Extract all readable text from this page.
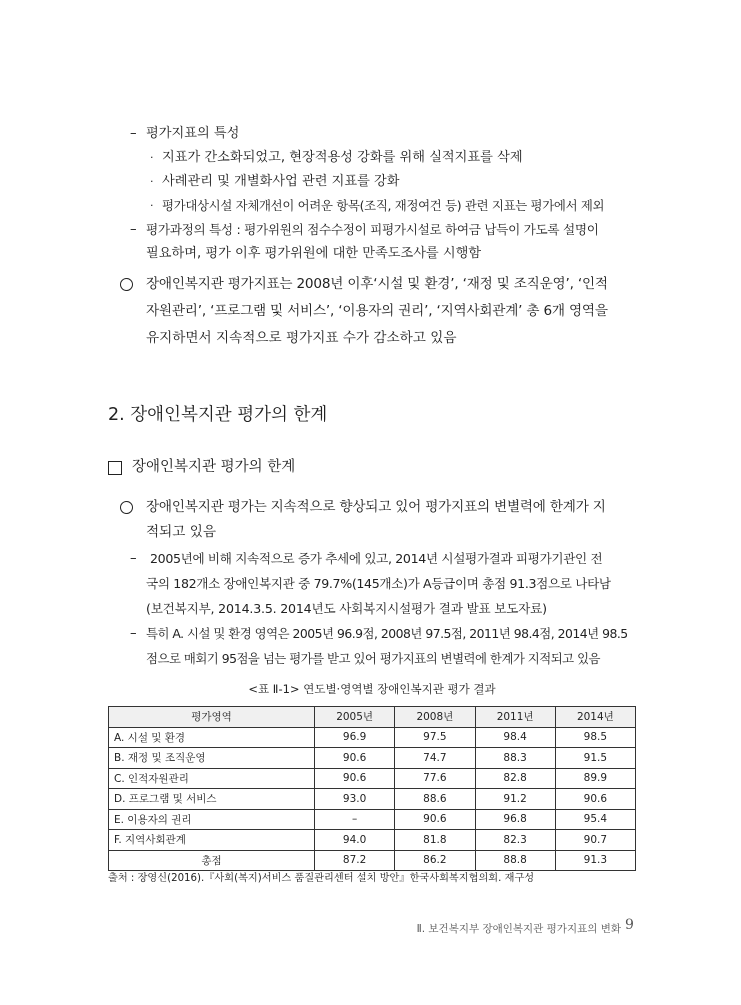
– 평가지표의 특성
· 지표가 간소화되었고, 현장적용성 강화를 위해 실적지표를 삭제
· 사례관리 및 개별화사업 관련 지표를 강화
· 평가대상시설 자체개선이 어려운 항목(조직, 재정여건 등) 관련 지표는 평가에서 제외
– 평가과정의 특성 : 평가위원의 점수수정이 피평가시설로 하여금 납득이 가도록 설명이
필요하며, 평가 이후 평가위원에 대한 만족도조사를 시행함
장애인복지관 평가지표는 2008년 이후‘시설 및 환경’, ‘재정 및 조직운영’, ‘인적
자원관리’, ‘프로그램 및 서비스’, ‘이용자의 권리’, ‘지역사회관계’ 총 6개 영역을
유지하면서 지속적으로 평가지표 수가 감소하고 있음
2. 장애인복지관 평가의 한계
장애인복지관 평가의 한계
장애인복지관 평가는 지속적으로 향상되고 있어 평가지표의 변별력에 한계가 지
적되고 있음
– 2005년에 비해 지속적으로 증가 추세에 있고, 2014년 시설평가결과 피평가기관인 전
국의 182개소 장애인복지관 중 79.7%(145개소)가 A등급이며 총점 91.3점으로 나타남
(보건복지부, 2014.3.5. 2014년도 사회복지시설평가 결과 발표 보도자료)
– 특히 A. 시설 및 환경 영역은 2005년 96.9점, 2008년 97.5점, 2011년 98.4점, 2014년 98.5
점으로 매회기 95점을 넘는 평가를 받고 있어 평가지표의 변별력에 한계가 지적되고 있음
<표 Ⅱ-1> 연도별·영역별 장애인복지관 평가 결과
평가영역	2005년	2008년	2011년	2014년
A. 시설 및 환경	96.9	97.5	98.4	98.5
B. 재정 및 조직운영	90.6	74.7	88.3	91.5
C. 인적자원관리	90.6	77.6	82.8	89.9
D. 프로그램 및 서비스	93.0	88.6	91.2	90.6
E. 이용자의 권리	–	90.6	96.8	95.4
F. 지역사회관계	94.0	81.8	82.3	90.7
총점	87.2	86.2	88.8	91.3
출처 : 장영신(2016).『사회(복지)서비스 품질관리센터 설치 방안』한국사회복지협의회. 재구성
Ⅱ. 보건복지부 장애인복지관 평가지표의 변화 9
